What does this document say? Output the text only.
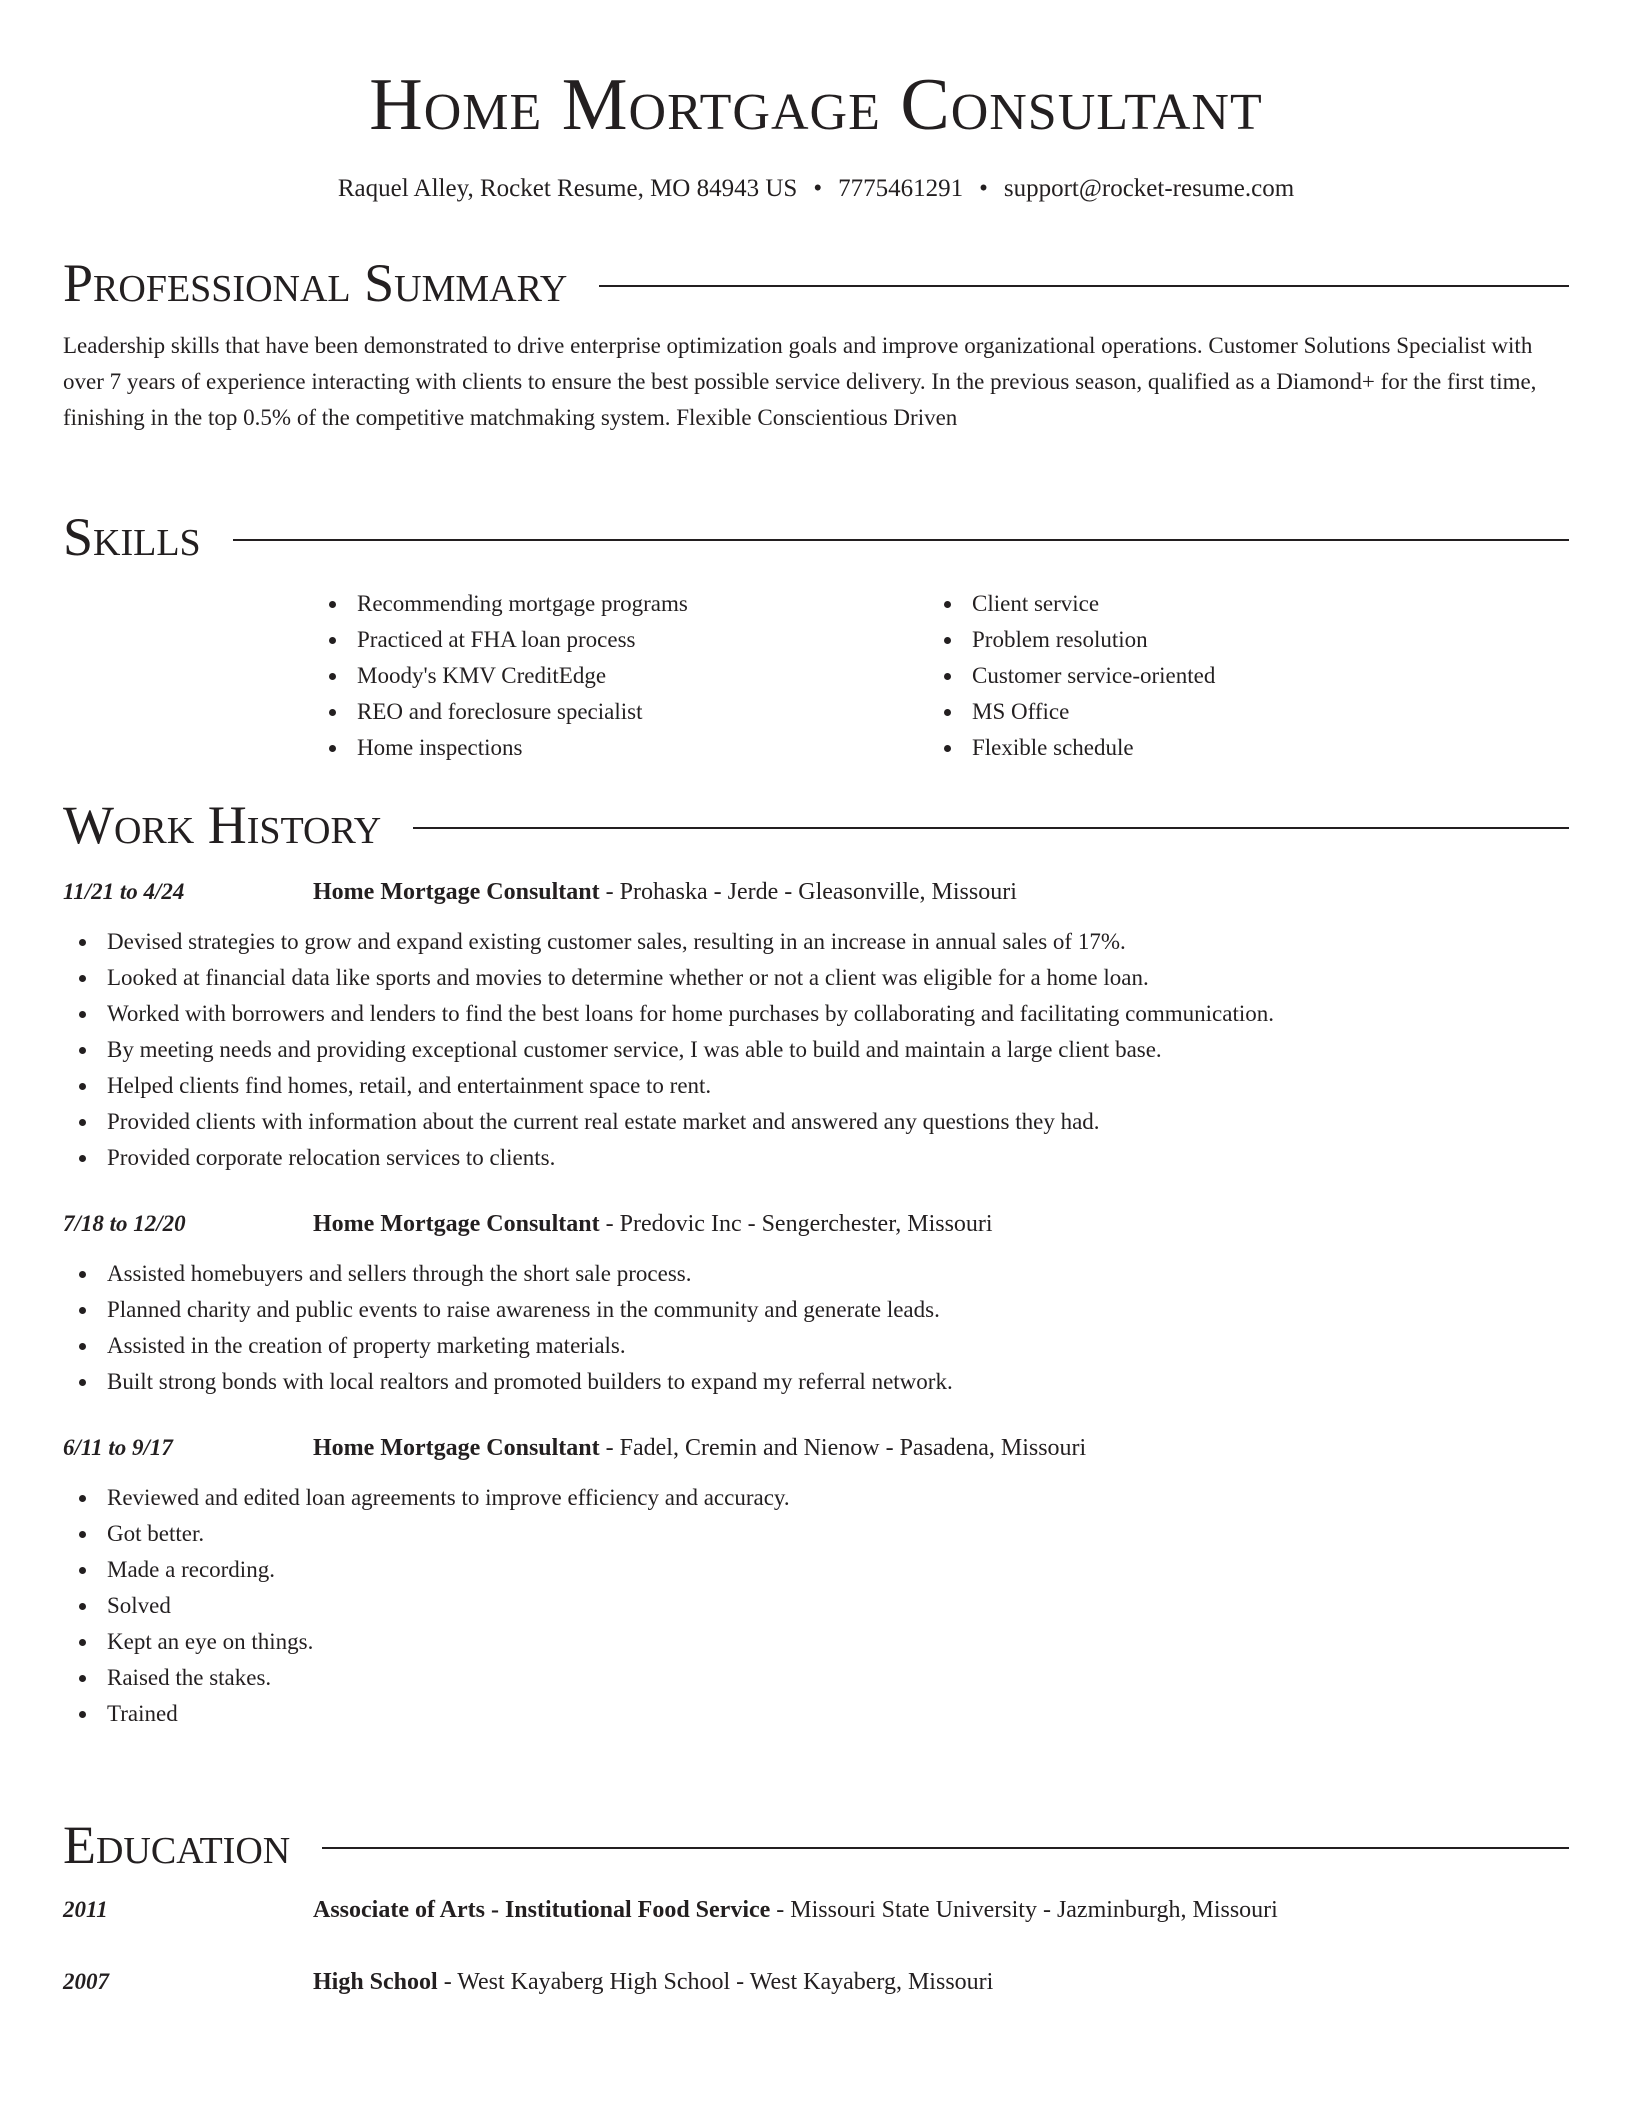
Home Mortgage Consultant
Raquel Alley, Rocket Resume, MO 84943 US • 7775461291 • support@rocket-resume.com
Professional Summary

Leadership skills that have been demonstrated to drive enterprise optimization goals and improve organizational operations. Customer Solutions Specialist with over 7 years of experience interacting with clients to ensure the best possible service delivery. In the previous season, qualified as a Diamond+ for the first time, finishing in the top 0.5% of the competitive matchmaking system. Flexible Conscientious Driven

Skills
Recommending mortgage programs
Practiced at FHA loan process
Moody's KMV CreditEdge
REO and foreclosure specialist
Home inspections
Client service
Problem resolution
Customer service-oriented
MS Office
Flexible schedule
Work History
11/21 to 4/24	Home Mortgage Consultant - Prohaska - Jerde - Gleasonville, Missouri
Devised strategies to grow and expand existing customer sales, resulting in an increase in annual sales of 17%.
Looked at financial data like sports and movies to determine whether or not a client was eligible for a home loan.
Worked with borrowers and lenders to find the best loans for home purchases by collaborating and facilitating communication.
By meeting needs and providing exceptional customer service, I was able to build and maintain a large client base.
Helped clients find homes, retail, and entertainment space to rent.
Provided clients with information about the current real estate market and answered any questions they had.
Provided corporate relocation services to clients.
7/18 to 12/20	Home Mortgage Consultant - Predovic Inc - Sengerchester, Missouri
Assisted homebuyers and sellers through the short sale process.
Planned charity and public events to raise awareness in the community and generate leads.
Assisted in the creation of property marketing materials.
Built strong bonds with local realtors and promoted builders to expand my referral network.
6/11 to 9/17	Home Mortgage Consultant - Fadel, Cremin and Nienow - Pasadena, Missouri
Reviewed and edited loan agreements to improve efficiency and accuracy.
Got better.
Made a recording.
Solved
Kept an eye on things.
Raised the stakes.
Trained
Education
2011	Associate of Arts - Institutional Food Service - Missouri State University - Jazminburgh, Missouri
2007	High School - West Kayaberg High School - West Kayaberg, Missouri
